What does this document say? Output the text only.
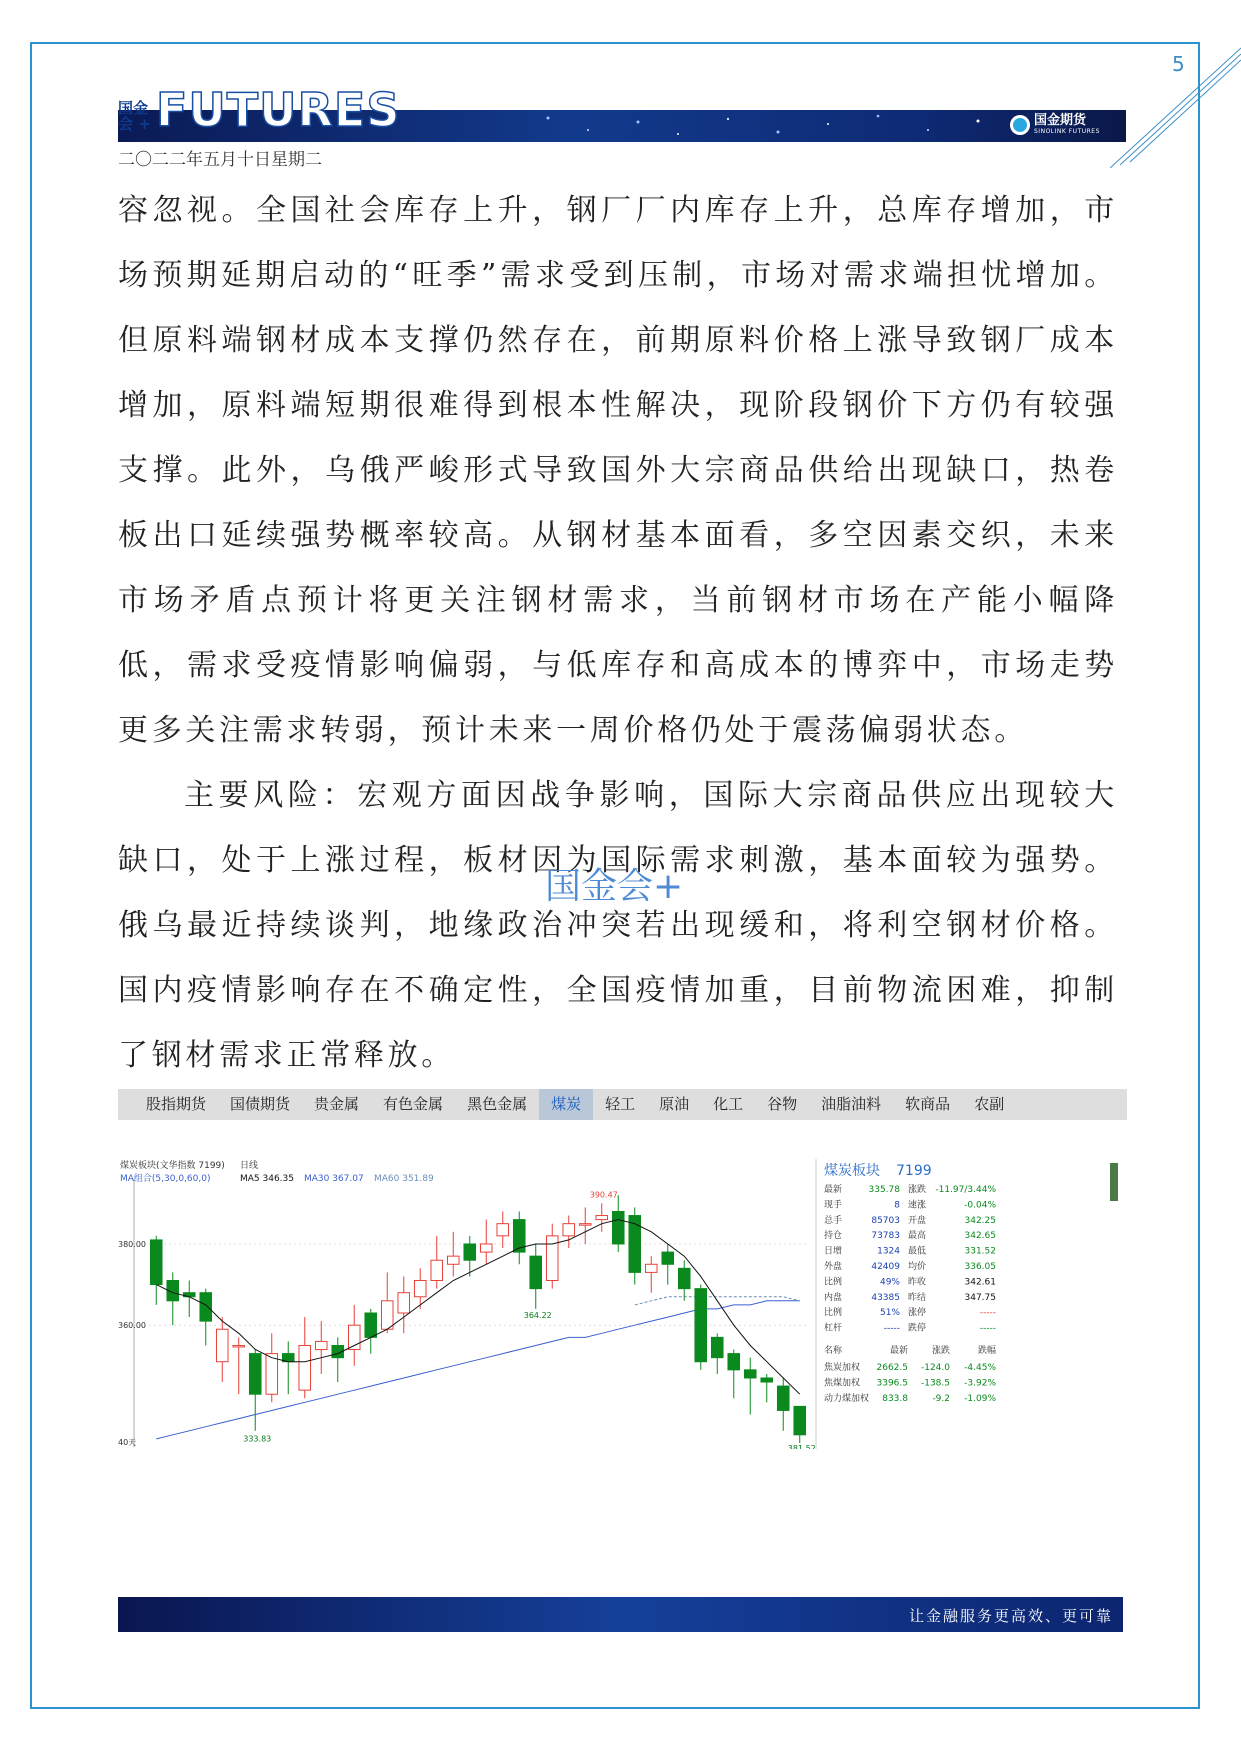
5
国金
会 + FUTURES	国金期货
SINOLINK FUTURES
二〇二二年五月十日星期二

容忽视。全国社会库存上升，钢厂厂内库存上升，总库存增加，市场预期延期启动的“旺季”需求受到压制，市场对需求端担忧增加。但原料端钢材成本支撑仍然存在，前期原料价格上涨导致钢厂成本增加，原料端短期很难得到根本性解决，现阶段钢价下方仍有较强支撑。此外，乌俄严峻形式导致国外大宗商品供给出现缺口，热卷板出口延续强势概率较高。从钢材基本面看，多空因素交织，未来市场矛盾点预计将更关注钢材需求，当前钢材市场在产能小幅降低，需求受疫情影响偏弱，与低库存和高成本的博弈中，市场走势更多关注需求转弱，预计未来一周价格仍处于震荡偏弱状态。

主要风险：宏观方面因战争影响，国际大宗商品供应出现较大缺口，处于上涨过程，板材因为国际需求刺激，基本面较为强势。俄乌最近持续谈判，地缘政治冲突若出现缓和，将利空钢材价格。国内疫情影响存在不确定性，全国疫情加重，目前物流困难，抑制了钢材需求正常释放。

国金会+
股指期货	国债期货	贵金属	有色金属	黑色金属	煤炭	轻工	原油	化工	谷物	油脂油料	软商品	农副
煤炭板块(文华指数 7199) 日线
MA组合(5,30,0,60,0)	MA5 346.35 MA30 367.07 MA60 351.89
380.00
360.00
40天
390.47
364.22
333.83
381.52
煤炭板块 7199
最新	335.78 涨跌 -11.97/3.44%
现手	8 速涨	-0.04%
总手	85703 开盘	342.25
持仓	73783 最高	342.65
日增	1324 最低	331.52
外盘	42409 均价	336.05
比例	49% 昨收	342.61
内盘	43385 昨结	347.75
比例	51% 涨停	-----
杠杆	----- 跌停	-----
名称	最新	涨跌	跌幅
焦炭加权 2662.5 -124.0 -4.45%
焦煤加权 3396.5 -138.5 -3.92%
动力煤加权 833.8	-9.2 -1.09%
让金融服务更高效、更可靠
